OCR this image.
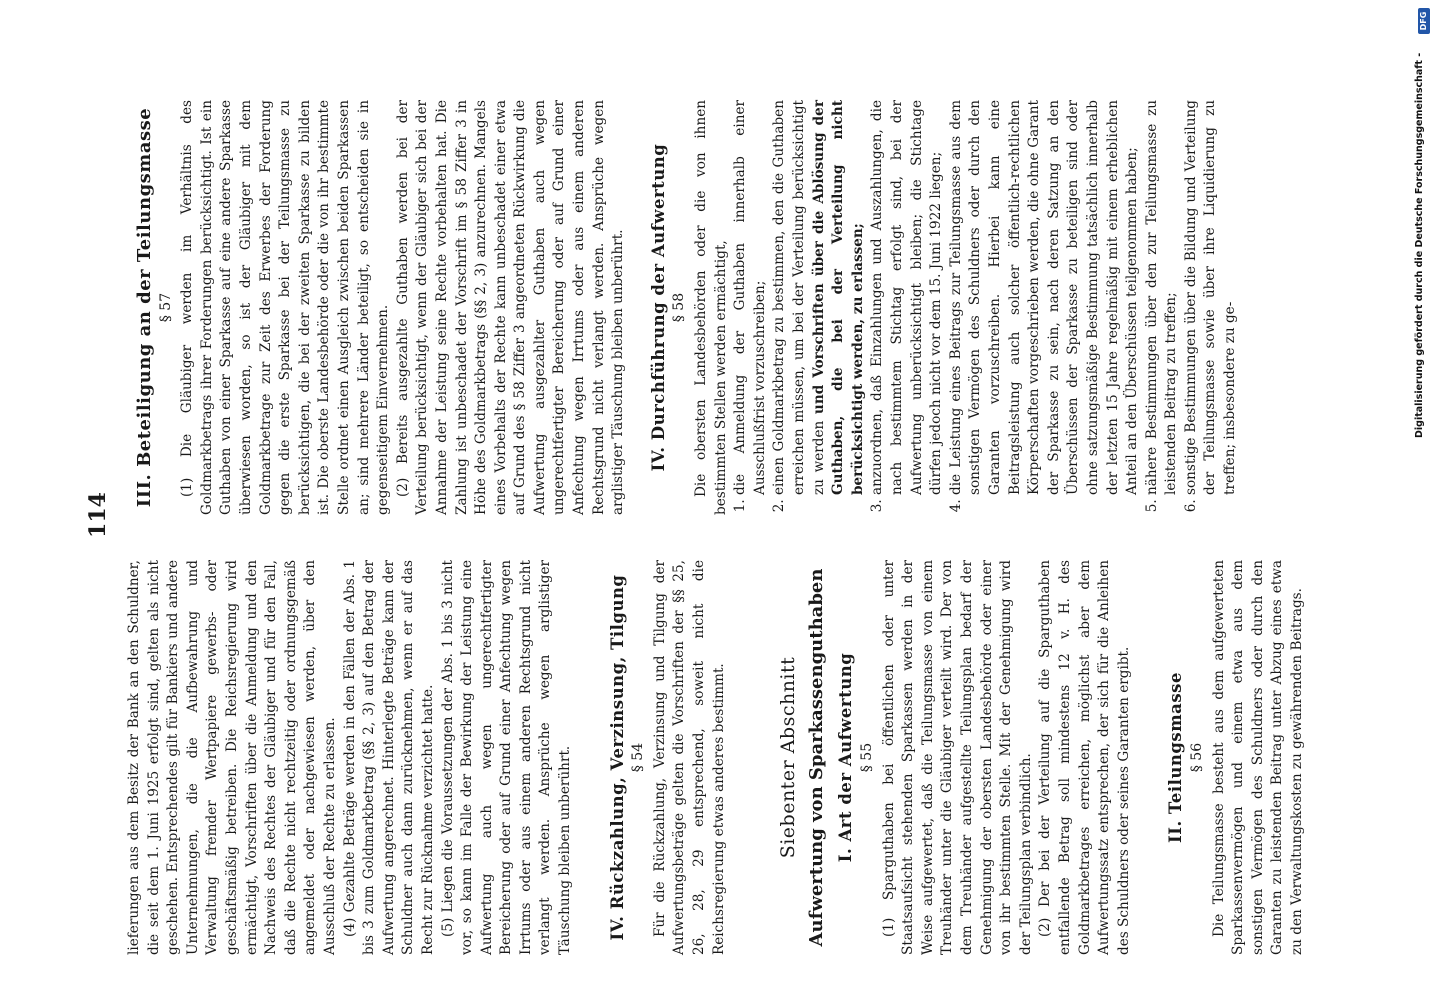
114

lieferungen aus dem Besitz der Bank an den Schuldner, die seit dem 1. Juni 1925 erfolgt sind, gelten als nicht geschehen. Entsprechendes gilt für Bankiers und andere Unternehmungen, die die Aufbewahrung und Verwaltung fremder Wertpapiere gewerbs- oder geschäftsmäßig betreiben. Die Reichsregierung wird ermächtigt, Vorschriften über die Anmeldung und den Nachweis des Rechtes der Gläubiger und für den Fall, daß die Rechte nicht rechtzeitig oder ordnungsgemäß angemeldet oder nachgewiesen werden, über den Ausschluß der Rechte zu erlassen. (4) Gezahlte Beträge werden in den Fällen der Abs. 1 bis 3 zum Goldmarkbetrag (§§ 2, 3) auf den Betrag der Aufwertung angerechnet. Hinterlegte Beträge kann der Schuldner auch dann zurücknehmen, wenn er auf das Recht zur Rücknahme verzichtet hatte. (5) Liegen die Voraussetzungen der Abs. 1 bis 3 nicht vor, so kann im Falle der Bewirkung der Leistung eine Aufwertung auch wegen ungerechtfertigter Bereicherung oder auf Grund einer Anfechtung wegen Irrtums oder aus einem anderen Rechtsgrund nicht verlangt werden. Ansprüche wegen arglistiger Täuschung bleiben unberührt. IV. Rückzahlung, Verzinsung, Tilgung § 54 Für die Rückzahlung, Verzinsung und Tilgung der Aufwertungsbeträge gelten die Vorschriften der §§ 25, 26, 28, 29 entsprechend, soweit nicht die Reichsregierung etwas anderes bestimmt.	Siebenter Abschnitt Aufwertung von Sparkassenguthaben I. Art der Aufwertung § 55 (1) Sparguthaben bei öffentlichen oder unter Staatsaufsicht stehenden Sparkassen werden in der Weise aufgewertet, daß die Teilungsmasse von einem Treuhänder unter die Gläubiger verteilt wird. Der von dem Treuhänder aufgestellte Teilungsplan bedarf der Genehmigung der obersten Landesbehörde oder einer von ihr bestimmten Stelle. Mit der Genehmigung wird der Teilungsplan verbindlich. (2) Der bei der Verteilung auf die Sparguthaben entfallende Betrag soll mindestens 12 v. H. des Goldmarkbetrages erreichen, möglichst aber dem Aufwertungssatz entsprechen, der sich für die Anleihen des Schuldners oder seines Garanten ergibt. II. Teilungsmasse § 56 Die Teilungsmasse besteht aus dem aufgewerteten Sparkassenvermögen und einem etwa aus dem sonstigen Vermögen des Schuldners oder durch den Garanten zu leistenden Beitrag unter Abzug eines etwa zu den Verwaltungskosten zu gewährenden Beitrags.

III. Beteiligung an der Teilungsmasse § 57 (1) Die Gläubiger werden im Verhältnis des Goldmarkbetrags ihrer Forderungen berücksichtigt. Ist ein Guthaben von einer Sparkasse auf eine andere Sparkasse überwiesen worden, so ist der Gläubiger mit dem Goldmarkbetrage zur Zeit des Erwerbes der Forderung gegen die erste Sparkasse bei der Teilungsmasse zu berücksichtigen, die bei der zweiten Sparkasse zu bilden ist. Die oberste Landesbehörde oder die von ihr bestimmte Stelle ordnet einen Ausgleich zwischen beiden Sparkassen an; sind mehrere Länder beteiligt, so entscheiden sie in gegenseitigem Einvernehmen. (2) Bereits ausgezahlte Guthaben werden bei der Verteilung berücksichtigt, wenn der Gläubiger sich bei der Annahme der Leistung seine Rechte vorbehalten hat. Die Zahlung ist unbeschadet der Vorschrift im § 58 Ziffer 3 in Höhe des Goldmarkbetrags (§§ 2, 3) anzurechnen. Mangels eines Vorbehalts der Rechte kann unbeschadet einer etwa auf Grund des § 58 Ziffer 3 angeordneten Rückwirkung die Aufwertung ausgezahlter Guthaben auch wegen ungerechtfertigter Bereicherung oder auf Grund einer Anfechtung wegen Irrtums oder aus einem anderen Rechtsgrund nicht verlangt werden. Ansprüche wegen arglistiger Täuschung bleiben unberührt. IV. Durchführung der Aufwertung § 58 Die obersten Landesbehörden oder die von ihnen bestimmten Stellen werden ermächtigt, 1. die Anmeldung der Guthaben innerhalb einer Ausschlußfrist vorzuschreiben; 2. einen Goldmarkbetrag zu bestimmen, den die Guthaben erreichen müssen, um bei der Verteilung berücksichtigt zu werden und Vorschriften über die Ablösung der Guthaben, die bei der Verteilung nicht berücksichtigt werden, zu erlassen; 3. anzuordnen, daß Einzahlungen und Auszahlungen, die nach bestimmtem Stichtag erfolgt sind, bei der Aufwertung unberücksichtigt bleiben; die Stichtage dürfen jedoch nicht vor dem 15. Juni 1922 liegen; 4. die Leistung eines Beitrags zur Teilungsmasse aus dem sonstigen Vermögen des Schuldners oder durch den Garanten vorzuschreiben. Hierbei kann eine Beitragsleistung auch solcher öffentlich-rechtlichen Körperschaften vorgeschrieben werden, die ohne Garant der Sparkasse zu sein, nach deren Satzung an den Überschüssen der Sparkasse zu beteiligen sind oder ohne satzungsmäßige Bestimmung tatsächlich innerhalb der letzten 15 Jahre regelmäßig mit einem erheblichen Anteil an den Überschüssen teilgenommen haben; 5. nähere Bestimmungen über den zur Teilungsmasse zu leistenden Beitrag zu treffen; 6. sonstige Bestimmungen über die Bildung und Verteilung der Teilungsmasse sowie über ihre Liquidierung zu treffen; insbesondere zu ge-	Digitalisierung gefördert durch die Deutsche Forschungsgemeinschaft -
DFG
